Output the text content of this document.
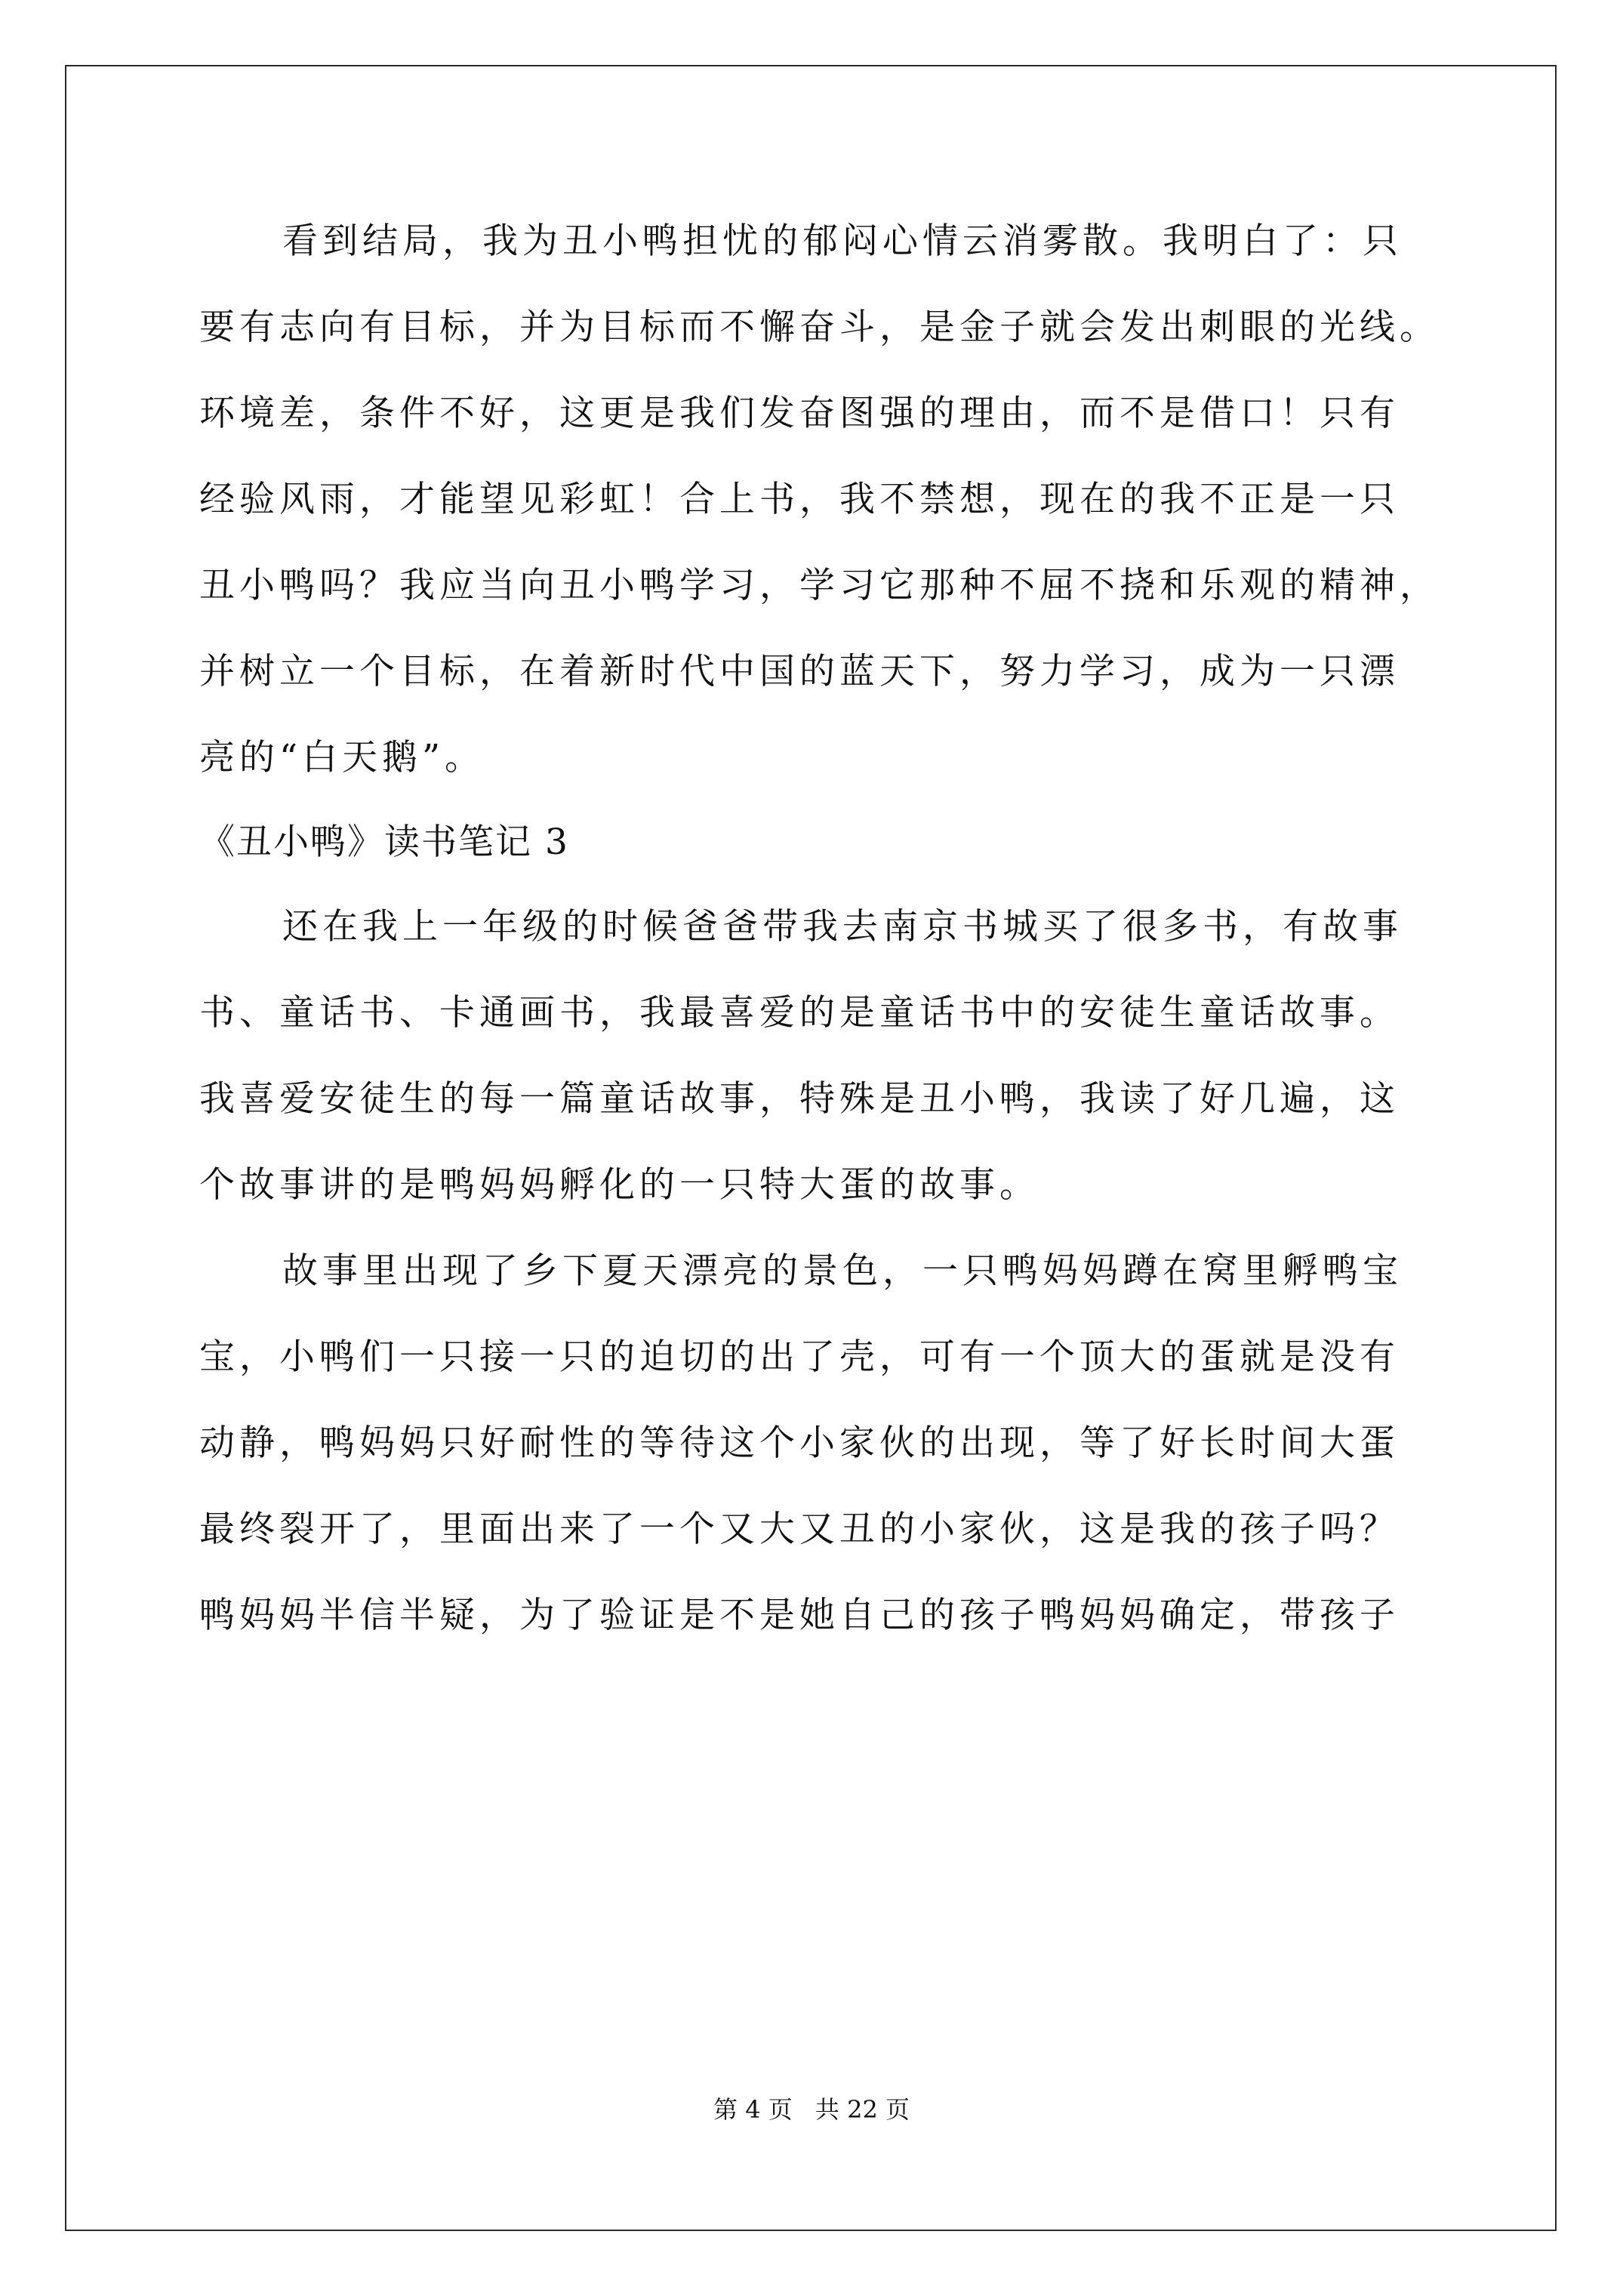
看到结局，我为丑小鸭担忧的郁闷心情云消雾散。我明白了：只
要有志向有目标，并为目标而不懈奋斗，是金子就会发出刺眼的光线。
环境差，条件不好，这更是我们发奋图强的理由，而不是借口！只有
经验风雨，才能望见彩虹！合上书，我不禁想，现在的我不正是一只
丑小鸭吗？我应当向丑小鸭学习，学习它那种不屈不挠和乐观的精神，
并树立一个目标，在着新时代中国的蓝天下，努力学习，成为一只漂
亮的“白天鹅”。
《丑小鸭》读书笔记 3
还在我上一年级的时候爸爸带我去南京书城买了很多书，有故事
书、童话书、卡通画书，我最喜爱的是童话书中的安徒生童话故事。
我喜爱安徒生的每一篇童话故事，特殊是丑小鸭，我读了好几遍，这
个故事讲的是鸭妈妈孵化的一只特大蛋的故事。
故事里出现了乡下夏天漂亮的景色，一只鸭妈妈蹲在窝里孵鸭宝
宝，小鸭们一只接一只的迫切的出了壳，可有一个顶大的蛋就是没有
动静，鸭妈妈只好耐性的等待这个小家伙的出现，等了好长时间大蛋
最终裂开了，里面出来了一个又大又丑的小家伙，这是我的孩子吗？
鸭妈妈半信半疑，为了验证是不是她自己的孩子鸭妈妈确定，带孩子
第 4 页 共 22 页
